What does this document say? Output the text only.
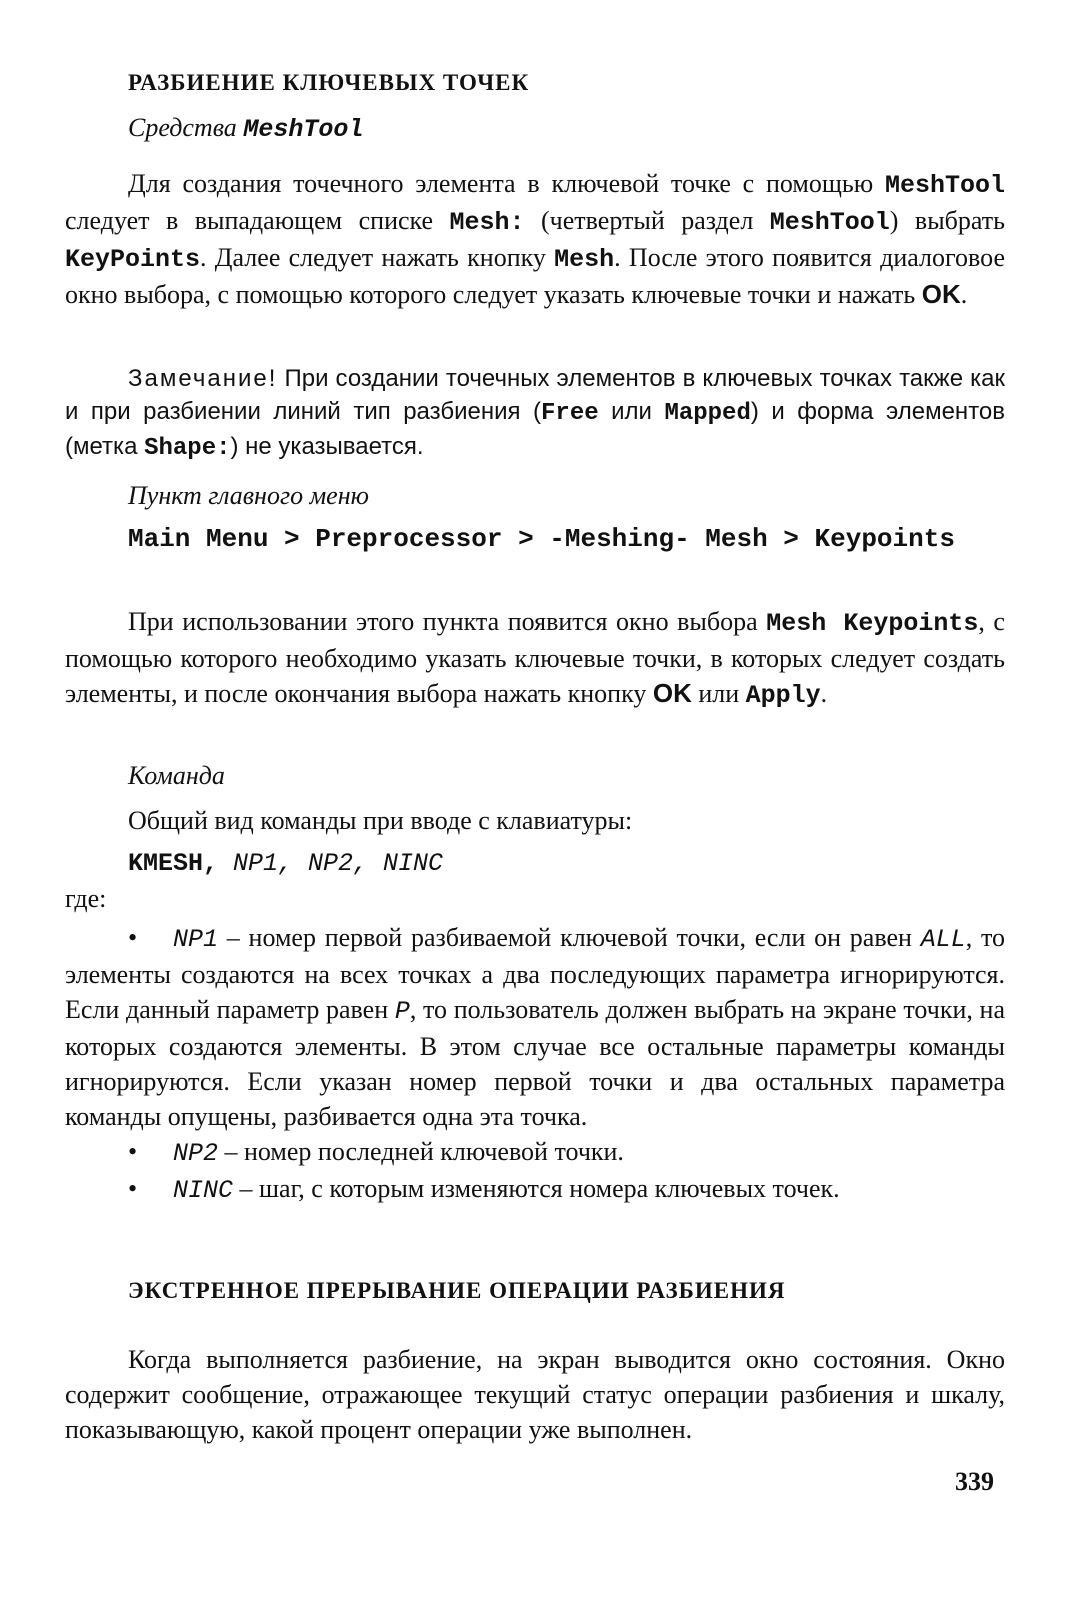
РАЗБИЕНИЕ КЛЮЧЕВЫХ ТОЧЕК
Средства MeshTool

Для создания точечного элемента в ключевой точке с помощью MeshTool следует в выпадающем списке Mesh: (четвертый раздел MeshTool) выбрать KeyPoints. Далее следует нажать кнопку Mesh. После этого появится диалоговое окно выбора, с помощью которого следует указать ключевые точки и нажать OK.

Замечание! При создании точечных элементов в ключевых точках также как и при разбиении линий тип разбиения (Free или Mapped) и форма элементов (метка Shape:) не указывается.

Пункт главного меню
Main Menu > Preprocessor > -Meshing- Mesh > Keypoints

При использовании этого пункта появится окно выбора Mesh Keypoints, с помощью которого необходимо указать ключевые точки, в которых следует создать элементы, и после окончания выбора нажать кнопку OK или Apply.

Команда
Общий вид команды при вводе с клавиатуры:
KMESH, NP1, NP2, NINC
где:
• NP1 – номер первой разбиваемой ключевой точки, если он равен ALL, то элементы создаются на всех точках а два последующих параметра игнорируются. Если данный параметр равен P, то пользователь должен выбрать на экране точки, на которых создаются элементы. В этом случае все остальные параметры команды игнорируются. Если указан номер первой точки и два остальных параметра команды опущены, разбивается одна эта точка.
• NP2 – номер последней ключевой точки.
• NINC – шаг, с которым изменяются номера ключевых точек.
ЭКСТРЕННОЕ ПРЕРЫВАНИЕ ОПЕРАЦИИ РАЗБИЕНИЯ

Когда выполняется разбиение, на экран выводится окно состояния. Окно содержит сообщение, отражающее текущий статус операции разбиения и шкалу, показывающую, какой процент операции уже выполнен.

339
